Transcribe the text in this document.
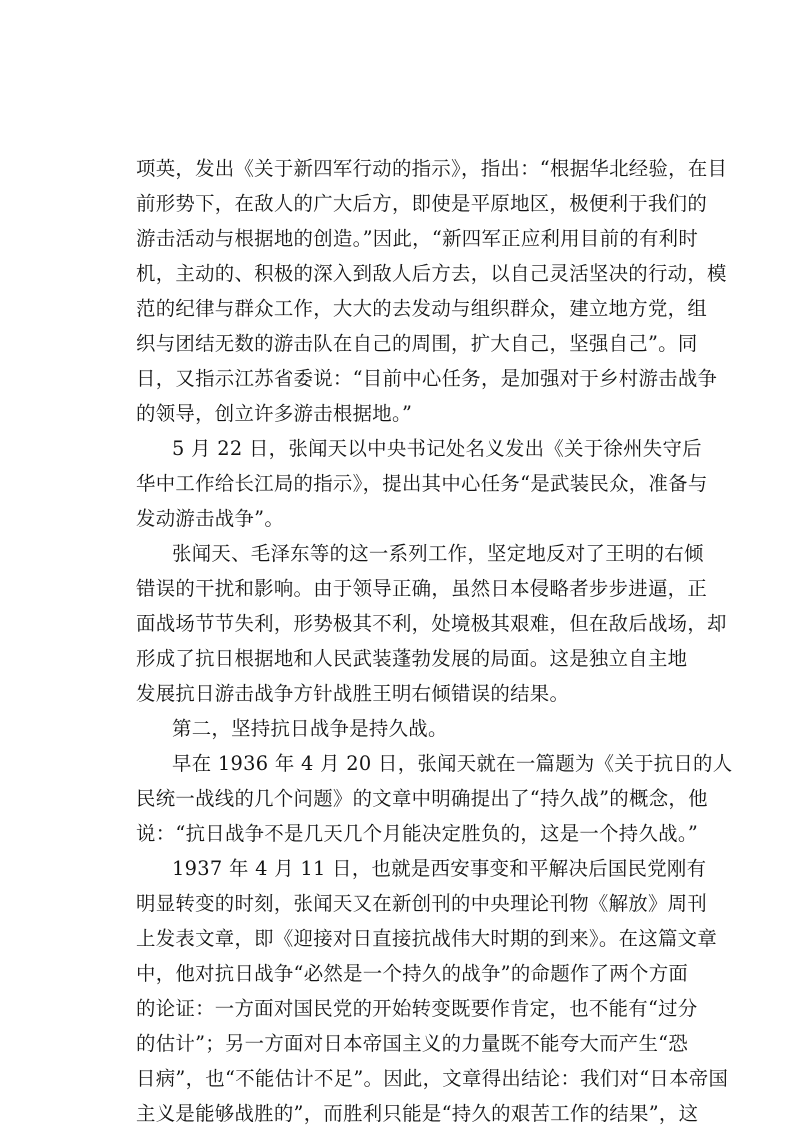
项英，发出《关于新四军行动的指示》，指出：“根据华北经验，在目
前形势下，在敌人的广大后方，即使是平原地区，极便利于我们的
游击活动与根据地的创造。”因此，“新四军正应利用目前的有利时
机，主动的、积极的深入到敌人后方去，以自己灵活坚决的行动，模
范的纪律与群众工作，大大的去发动与组织群众，建立地方党，组
织与团结无数的游击队在自己的周围，扩大自己，坚强自己”。同
日，又指示江苏省委说：“目前中心任务，是加强对于乡村游击战争
的领导，创立许多游击根据地。”
5 月 22 日，张闻天以中央书记处名义发出《关于徐州失守后
华中工作给长江局的指示》，提出其中心任务“是武装民众，准备与
发动游击战争”。
张闻天、毛泽东等的这一系列工作，坚定地反对了王明的右倾
错误的干扰和影响。由于领导正确，虽然日本侵略者步步进逼，正
面战场节节失利，形势极其不利，处境极其艰难，但在敌后战场，却
形成了抗日根据地和人民武装蓬勃发展的局面。这是独立自主地
发展抗日游击战争方针战胜王明右倾错误的结果。
第二，坚持抗日战争是持久战。
早在 1936 年 4 月 20 日，张闻天就在一篇题为《关于抗日的人
民统一战线的几个问题》的文章中明确提出了“持久战”的概念，他
说：“抗日战争不是几天几个月能决定胜负的，这是一个持久战。”
1937 年 4 月 11 日，也就是西安事变和平解决后国民党刚有
明显转变的时刻，张闻天又在新创刊的中央理论刊物《解放》周刊
上发表文章，即《迎接对日直接抗战伟大时期的到来》。在这篇文章
中，他对抗日战争“必然是一个持久的战争”的命题作了两个方面
的论证：一方面对国民党的开始转变既要作肯定，也不能有“过分
的估计”；另一方面对日本帝国主义的力量既不能夸大而产生“恐
日病”，也“不能估计不足”。因此，文章得出结论：我们对“日本帝国
主义是能够战胜的”，而胜利只能是“持久的艰苦工作的结果”，这
